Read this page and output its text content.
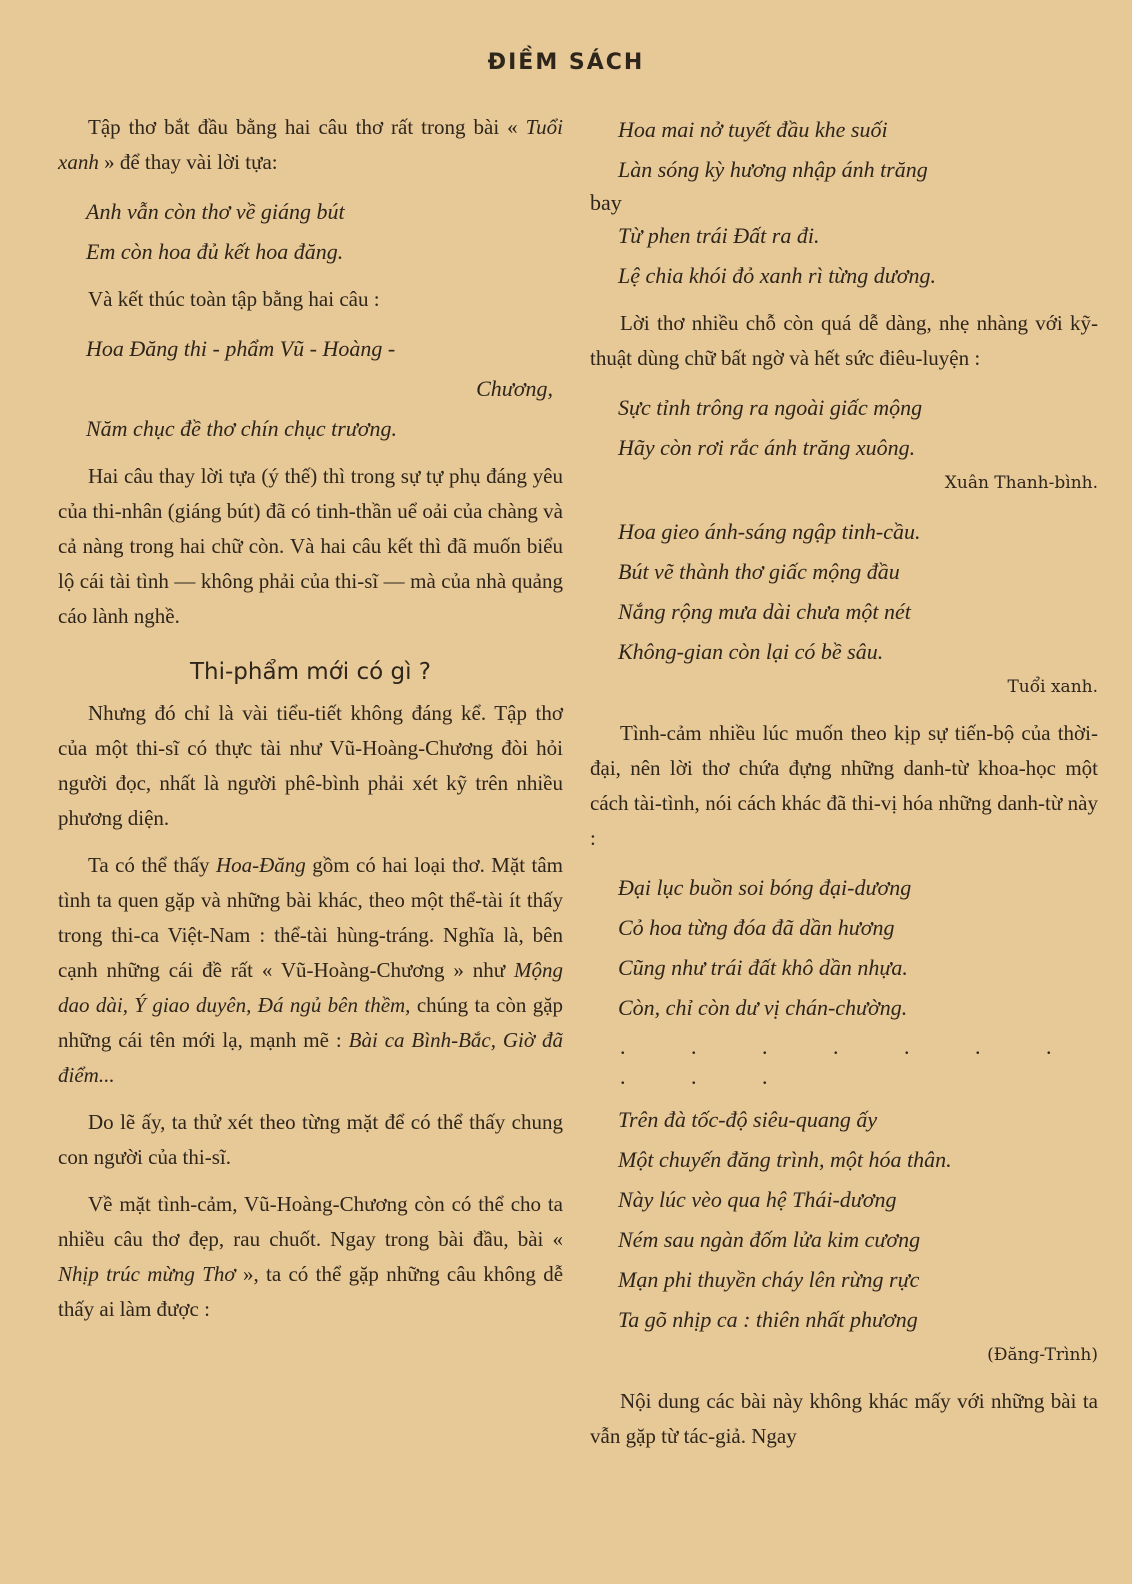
ĐIỀM SÁCH

Tập thơ bắt đầu bằng hai câu thơ rất trong bài « Tuổi xanh » để thay vài lời tựa:

Anh vẫn còn thơ về giáng bút

Em còn hoa đủ kết hoa đăng.

Và kết thúc toàn tập bằng hai câu :

Hoa Đăng thi - phẩm Vũ - Hoàng -

Chương,

Năm chục đề thơ chín chục trương.

Hai câu thay lời tựa (ý thế) thì trong sự tự phụ đáng yêu của thi-nhân (giáng bút) đã có tinh-thần uể oải của chàng và cả nàng trong hai chữ còn. Và hai câu kết thì đã muốn biểu lộ cái tài tình — không phải của thi-sĩ — mà của nhà quảng cáo lành nghề.

Thi-phẩm mới có gì ?

Nhưng đó chỉ là vài tiểu-tiết không đáng kể. Tập thơ của một thi-sĩ có thực tài như Vũ-Hoàng-Chương đòi hỏi người đọc, nhất là người phê-bình phải xét kỹ trên nhiều phương diện.

Ta có thể thấy Hoa-Đăng gồm có hai loại thơ. Mặt tâm tình ta quen gặp và những bài khác, theo một thể-tài ít thấy trong thi-ca Việt-Nam : thể-tài hùng-tráng. Nghĩa là, bên cạnh những cái đề rất « Vũ-Hoàng-Chương » như Mộng dao dài, Ý giao duyên, Đá ngủ bên thềm, chúng ta còn gặp những cái tên mới lạ, mạnh mẽ : Bài ca Bình-Bắc, Giờ đã điểm...

Do lẽ ấy, ta thử xét theo từng mặt để có thể thấy chung con người của thi-sĩ.

Về mặt tình-cảm, Vũ-Hoàng-Chương còn có thể cho ta nhiều câu thơ đẹp, rau chuốt. Ngay trong bài đầu, bài « Nhịp trúc mừng Thơ », ta có thể gặp những câu không dễ thấy ai làm được :

Hoa mai nở tuyết đầu khe suối

Làn sóng kỳ hương nhập ánh trăng

bay

Từ phen trái Đất ra đi.

Lệ chia khói đỏ xanh rì từng dương.

Lời thơ nhiều chỗ còn quá dễ dàng, nhẹ nhàng với kỹ-thuật dùng chữ bất ngờ và hết sức điêu-luyện :

Sực tỉnh trông ra ngoài giấc mộng

Hãy còn rơi rắc ánh trăng xuông.

Xuân Thanh-bình.

Hoa gieo ánh-sáng ngập tinh-cầu.

Bút vẽ thành thơ giấc mộng đầu

Nắng rộng mưa dài chưa một nét

Không-gian còn lại có bề sâu.

Tuổi xanh.

Tình-cảm nhiều lúc muốn theo kịp sự tiến-bộ của thời-đại, nên lời thơ chứa đựng những danh-từ khoa-học một cách tài-tình, nói cách khác đã thi-vị hóa những danh-từ này :

Đại lục buồn soi bóng đại-dương

Cỏ hoa từng đóa đã dần hương

Cũng như trái đất khô dần nhựa.

Còn, chỉ còn dư vị chán-chường.

. . . . . . . . . .

Trên đà tốc-độ siêu-quang ấy

Một chuyến đăng trình, một hóa thân.

Này lúc vèo qua hệ Thái-dương

Ném sau ngàn đốm lửa kim cương

Mạn phi thuyền cháy lên rừng rực

Ta gõ nhịp ca : thiên nhất phương

(Đăng-Trình)

Nội dung các bài này không khác mấy với những bài ta vẫn gặp từ tác-giả. Ngay
